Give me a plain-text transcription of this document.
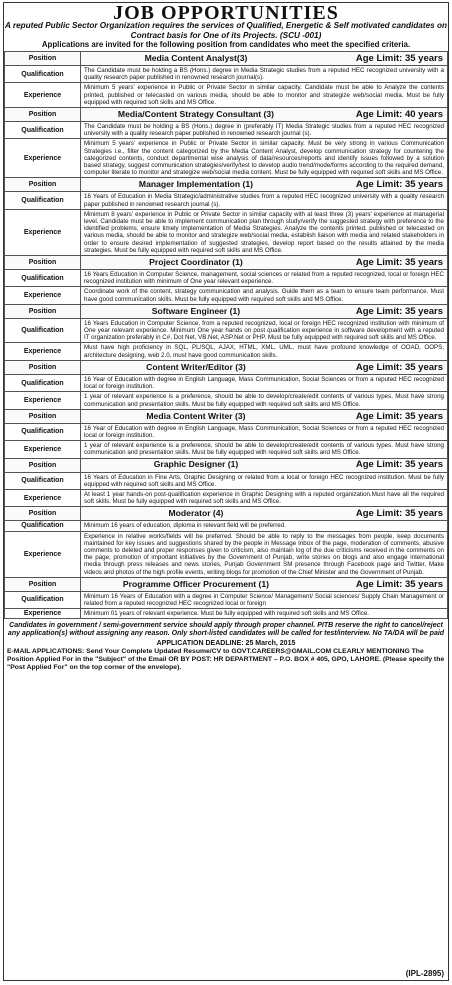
JOB OPPORTUNITIES
A reputed Public Sector Organization requires the services of Qualified, Energetic & Self motivated candidates on Contract basis for One of its Projects. (SCU -001)
Applications are invited for the following position from candidates who meet the specified criteria.
Position	Media Content Analyst(3) Age Limit: 35 years

Qualification	The Candidate must be holding a BS (Hons.) degree in Media Strategic studies from a reputed HEC recognized university with a quality research paper published in renowned research journal(s).
Experience	Minimum 5 years' experience in Public or Private Sector in similar capacity. Candidate must be able to Analyze the contents printed, published or telecasted on various media, should be able to monitor and strategize web/social media. Must be fully equipped with required soft skills and MS Office.
Position	Media/Content Strategy Consultant (3) Age Limit: 40 years

Qualification	The Candidate must be holding a BS (Hons.) degree in (preferably IT) Media Strategic studies from a reputed HEC recognized university with a quality research paper published in renowned research journal (s).
Experience	Minimum 5 years' experience in Public or Private Sector in similar capacity. Must be very strong in various Communication Strategies i.e., filter the content categorized by the Media Content Analyst, develop communication strategy for countering the categorized contents, conduct departmental wise analysis of data/resources/reports and identify issues followed by a solution based strategy, suggest communication strategies/verify/test to develop audio trend/mode/forms according to the required demand, computer literate to monitor and strategize web/social media content. Must be fully equipped with required soft skills and MS Office.
Position	Manager Implementation (1) Age Limit: 35 years

Qualification	16 Years of Education in Media Strategic/administrative studies from a reputed HEC recognized university with a quality research paper published in renowned research journal (s).
Experience	Minimum 8 years' experience in Public or Private Sector in similar capacity with at least three (3) years' experience at managerial level. Candidate must be able to implement communication plan through study/verify the suggested strategy with preference to the identified problems, ensure timely implementation of Media Strategies. Analyze the contents printed, published or telecasted on various media, should be able to monitor and strategize web/social media, establish liaison with media and related stakeholders in order to ensure desired implementation of suggested strategies, develop report based on the results attained by the media strategies. Must be fully equipped with required soft skills and MS Office.
Position	Project Coordinator (1) Age Limit: 35 years

Qualification	16 Years Education in Computer Science, management, social sciences or related from a reputed recognized, local or foreign HEC recognized institution with minimum of One year relevant experience.
Experience	Coordinate work of the content, strategy communication and analysis. Guide them as a team to ensure team performance. Must have good communication skills. Must be fully equipped with required soft skills and MS Office.
Position	Software Engineer (1) Age Limit: 35 years

Qualification	16 Years Education in Computer Science, from a reputed recognized, local or foreign HEC recognized institution with minimum of One year relevant experience. Minimum One year hands on post qualification experience in software development with a reputed IT organization preferably in C#, Dot Net, VB.Net, ASP.Net or PHP. Must be fully equipped with required soft skills and MS Office.
Experience	Must have high proficiency in SQL, PL/SQL, AJAX, HTML, XML, UML, must have profound knowledge of OOAD, OOPS, architecture designing, web 2.0, must have good communication skills.
Position	Content Writer/Editor (3) Age Limit: 35 years

Qualification	16 Year of Education with degree in English Language, Mass Communication, Social Sciences or from a reputed HEC recognized local or foreign institution.
Experience	1 year of relevant experience is a preference, should be able to develop/create/edit contents of various types. Must have strong communication and presentation skills. Must be fully equipped with required soft skills and MS Office.
Position	Media Content Writer (3) Age Limit: 35 years

Qualification	16 Year of Education with degree in English Language, Mass Communication, Social Sciences or from a reputed HEC recognized local or foreign institution.
Experience	1 year of relevant experience is a preference, should be able to develop/create/edit contents of various types. Must have strong communication and presentation skills. Must be fully equipped with required soft skills and MS Office.
Position	Graphic Designer (1) Age Limit: 35 years

Qualification	16 Years of Education in Fine Arts, Graphic Designing or related from a local or foreign HEC recognized institution. Must be fully equipped with required soft skills and MS Office.
Experience	At least 1 year hands-on post-qualification experience in Graphic Designing with a reputed organization.Must have all the required soft skills. Must be fully equipped with required soft skills and MS Office.
Position	Moderator (4) Age Limit: 35 years

Qualification	Minimum 16 years of education, diploma in relevant field will be preferred.
Experience	Experience in relative works/fields will be preferred. Should be able to reply to the messages from people, keep documents maintained for key issues and suggestions shared by the people in Message Inbox of the page, moderation of comments, abusive comments to deleted and proper responses given to criticism, also maintain log of the due criticisms received in the comments on the page, promotion of important initiatives by the Government of Punjab, write stories on blogs and also engage international media through press releases and news stories, Punjab Government SM presence through Facebook page and Twitter, Make videos and photos of the high profile events, writing blogs for promotion of the Chief Minister and the Government of Punjab.
Position	Programme Officer Procurement (1) Age Limit: 35 years

Qualification	Minimum 16 Years of Education with a degree in Computer Science/ Management/ Social sciences/ Supply Chain Management or related from a reputed recognized HEC recognized local or foreign
Experience	Minimum 01 years of relevant experience. Must be fully equipped with required soft skills and MS Office.
Candidates in government / semi-government service should apply through proper channel. PITB reserve the right to cancel/reject any application(s) without assigning any reason. Only short-listed candidates will be called for test/interview. No TA/DA will be paid
APPLICATION DEADLINE: 25 March, 2015
E-MAIL APPLICATIONS: Send Your Complete Updated Resume/CV to GOVT.CAREERS@GMAIL.COM CLEARLY MENTIONING The Position Applied For in the "Subject" of the Email OR BY POST: HR DEPARTMENT – P.O. BOX # 405, GPO, LAHORE. (Please specify the "Post Applied For" on the top corner of the envelope).
(IPL-2895)
